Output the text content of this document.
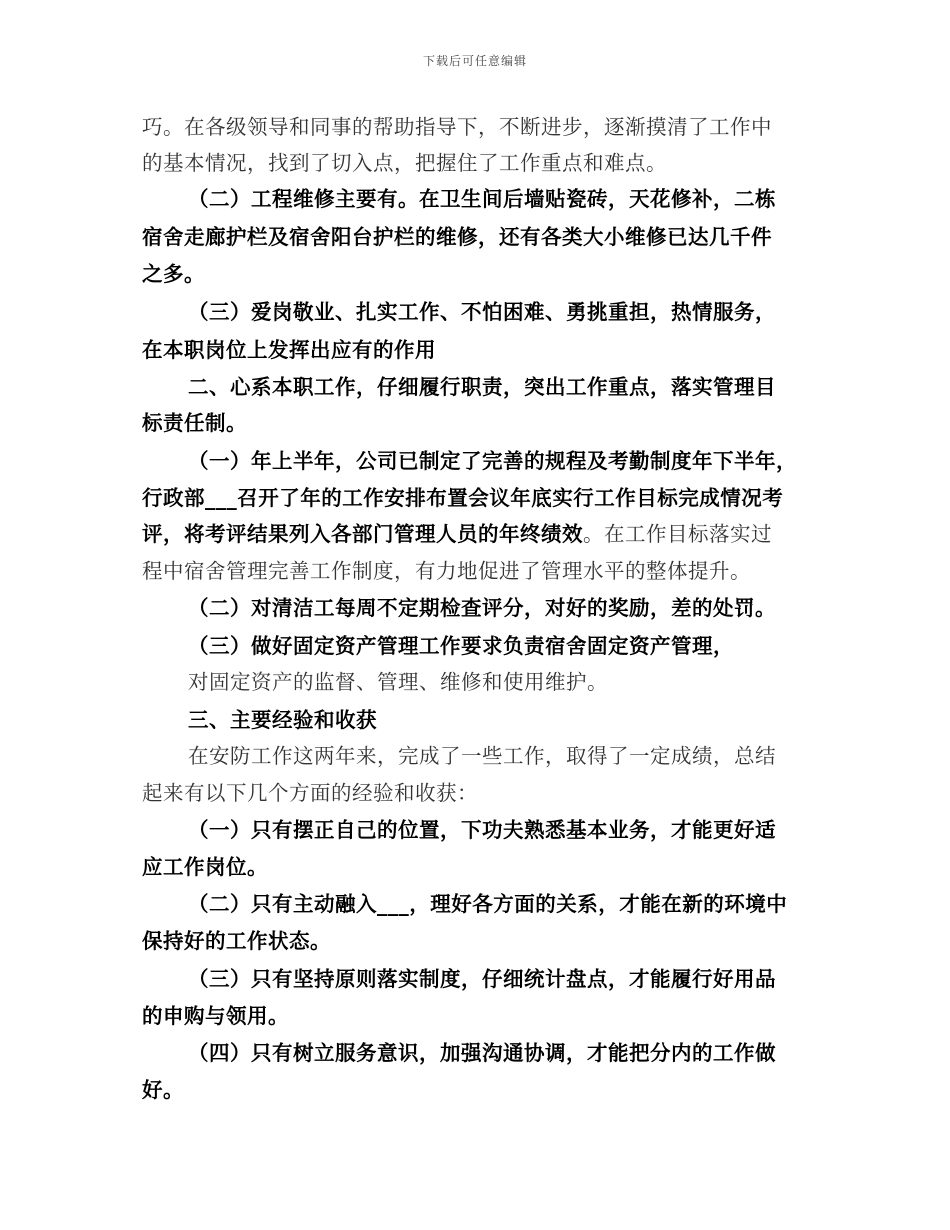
下载后可任意编辑
巧。在各级领导和同事的帮助指导下，不断进步，逐渐摸清了工作中
的基本情况，找到了切入点，把握住了工作重点和难点。
（二）工程维修主要有。在卫生间后墙贴瓷砖，天花修补，二栋
宿舍走廊护栏及宿舍阳台护栏的维修，还有各类大小维修已达几千件
之多。
（三）爱岗敬业、扎实工作、不怕困难、勇挑重担，热情服务，
在本职岗位上发挥出应有的作用
二、心系本职工作，仔细履行职责，突出工作重点，落实管理目
标责任制。
（一）年上半年，公司已制定了完善的规程及考勤制度年下半年，
行政部___召开了年的工作安排布置会议年底实行工作目标完成情况考
评，将考评结果列入各部门管理人员的年终绩效。在工作目标落实过
程中宿舍管理完善工作制度，有力地促进了管理水平的整体提升。
（二）对清洁工每周不定期检查评分，对好的奖励，差的处罚。
（三）做好固定资产管理工作要求负责宿舍固定资产管理，
对固定资产的监督、管理、维修和使用维护。
三、主要经验和收获
在安防工作这两年来，完成了一些工作，取得了一定成绩，总结
起来有以下几个方面的经验和收获：
（一）只有摆正自己的位置，下功夫熟悉基本业务，才能更好适
应工作岗位。
（二）只有主动融入___，理好各方面的关系，才能在新的环境中
保持好的工作状态。
（三）只有坚持原则落实制度，仔细统计盘点，才能履行好用品
的申购与领用。
（四）只有树立服务意识，加强沟通协调，才能把分内的工作做
好。
